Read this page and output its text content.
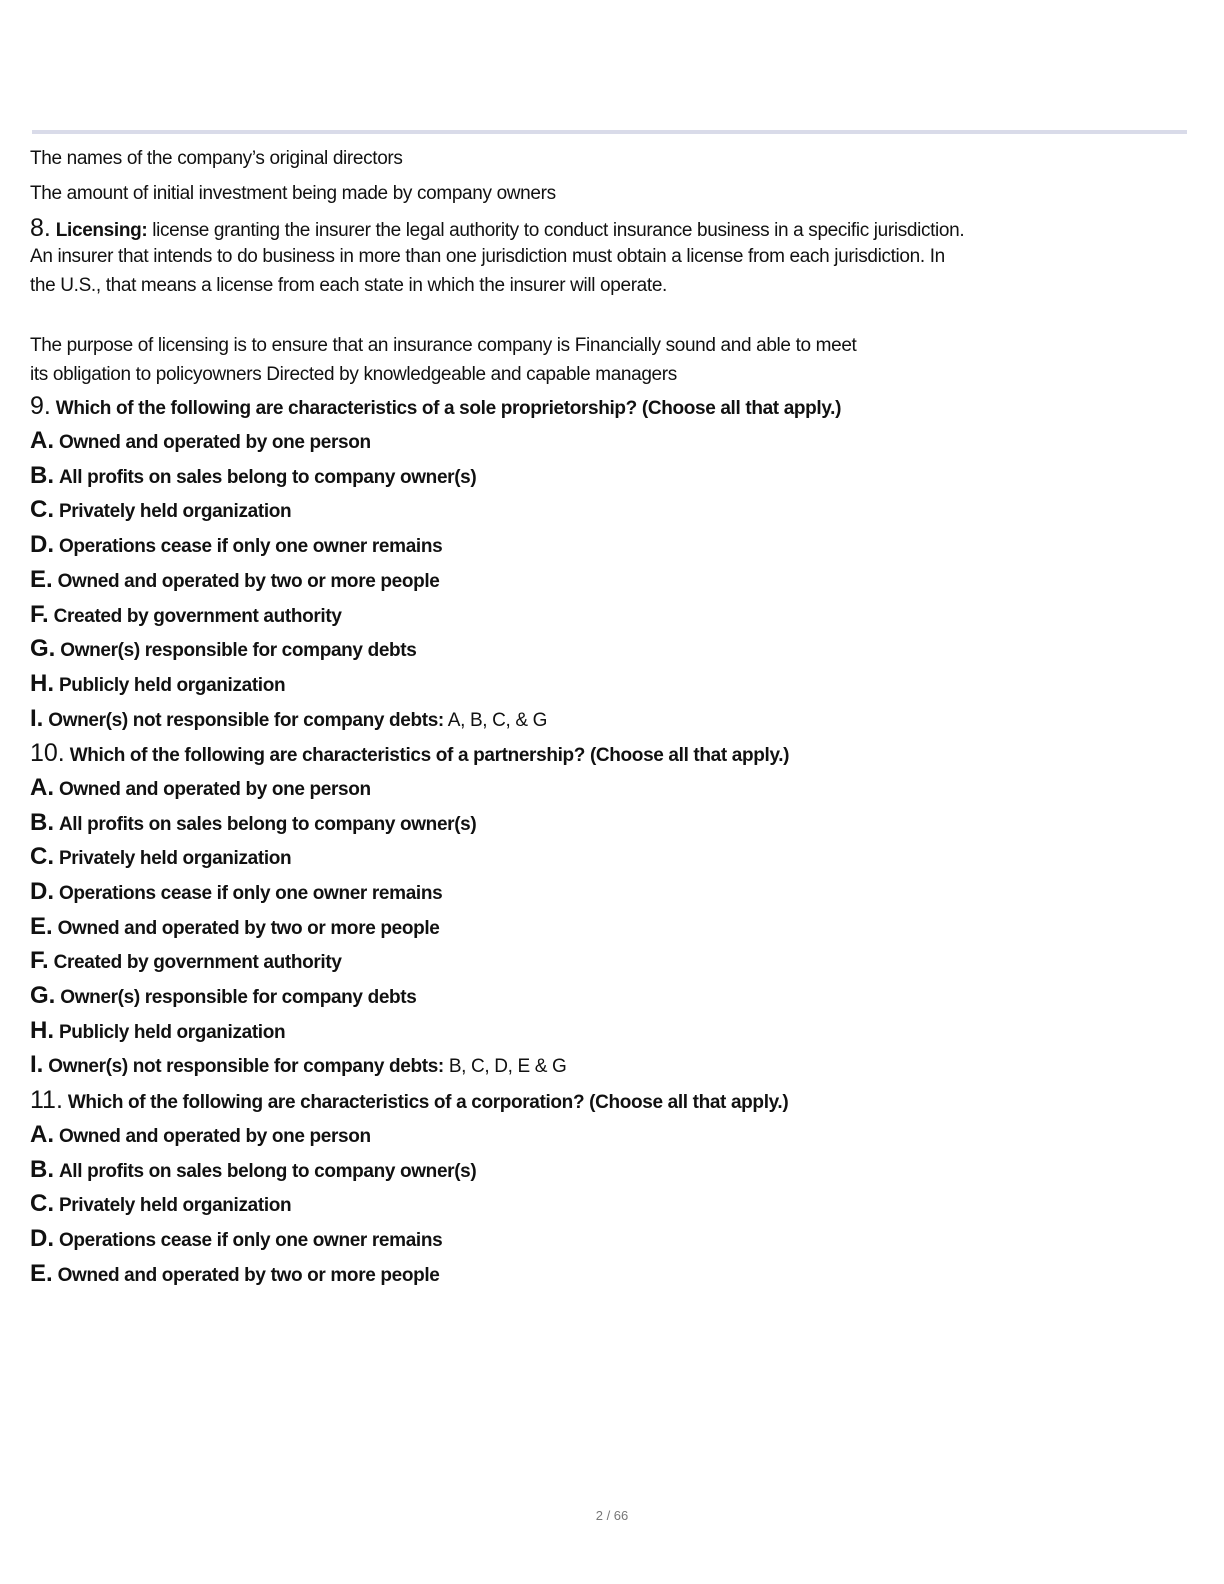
The names of the company’s original directors
The amount of initial investment being made by company owners
8. Licensing: license granting the insurer the legal authority to conduct insurance business in a specific jurisdiction.
An insurer that intends to do business in more than one jurisdiction must obtain a license from each jurisdiction. In
the U.S., that means a license from each state in which the insurer will operate.
The purpose of licensing is to ensure that an insurance company is Financially sound and able to meet
its obligation to policyowners Directed by knowledgeable and capable managers
9. Which of the following are characteristics of a sole proprietorship? (Choose all that apply.)
A. Owned and operated by one person
B. All profits on sales belong to company owner(s)
C. Privately held organization
D. Operations cease if only one owner remains
E. Owned and operated by two or more people
F. Created by government authority
G. Owner(s) responsible for company debts
H. Publicly held organization
I. Owner(s) not responsible for company debts: A, B, C, & G
10. Which of the following are characteristics of a partnership? (Choose all that apply.)
A. Owned and operated by one person
B. All profits on sales belong to company owner(s)
C. Privately held organization
D. Operations cease if only one owner remains
E. Owned and operated by two or more people
F. Created by government authority
G. Owner(s) responsible for company debts
H. Publicly held organization
I. Owner(s) not responsible for company debts: B, C, D, E & G
11. Which of the following are characteristics of a corporation? (Choose all that apply.)
A. Owned and operated by one person
B. All profits on sales belong to company owner(s)
C. Privately held organization
D. Operations cease if only one owner remains
E. Owned and operated by two or more people
2 / 66
